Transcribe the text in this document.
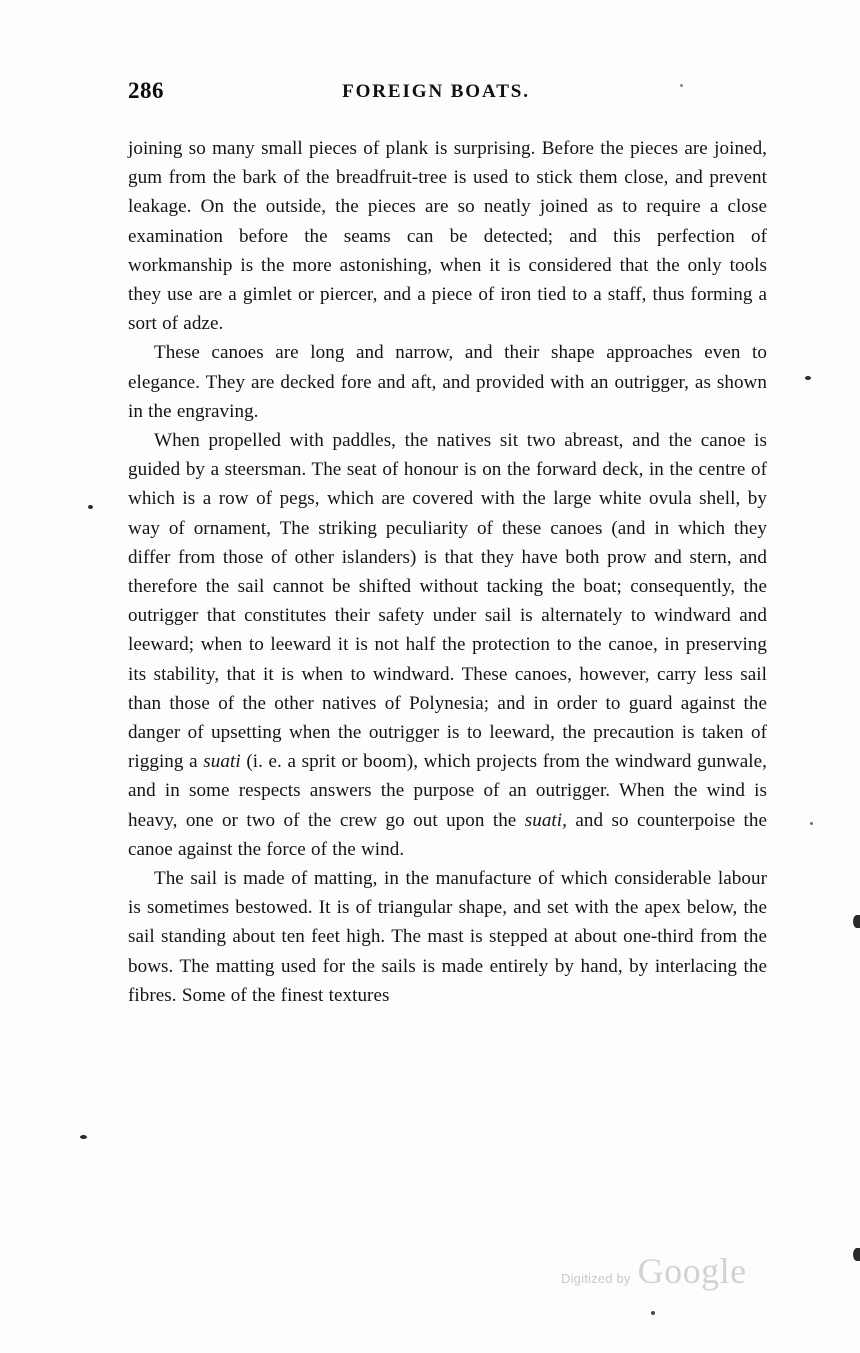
286	FOREIGN BOATS.

joining so many small pieces of plank is surprising. Before the pieces are joined, gum from the bark of the breadfruit-tree is used to stick them close, and prevent leakage. On the outside, the pieces are so neatly joined as to require a close examination before the seams can be detected; and this perfection of workmanship is the more astonishing, when it is considered that the only tools they use are a gimlet or piercer, and a piece of iron tied to a staff, thus forming a sort of adze.

These canoes are long and narrow, and their shape approaches even to elegance. They are decked fore and aft, and provided with an outrigger, as shown in the engraving.

When propelled with paddles, the natives sit two abreast, and the canoe is guided by a steersman. The seat of honour is on the forward deck, in the centre of which is a row of pegs, which are covered with the large white ovula shell, by way of ornament, The striking peculiarity of these canoes (and in which they differ from those of other islanders) is that they have both prow and stern, and therefore the sail cannot be shifted without tacking the boat; consequently, the outrigger that constitutes their safety under sail is alternately to windward and leeward; when to leeward it is not half the protection to the canoe, in preserving its stability, that it is when to windward. These canoes, however, carry less sail than those of the other natives of Polynesia; and in order to guard against the danger of upsetting when the outrigger is to leeward, the precaution is taken of rigging a suati (i. e. a sprit or boom), which projects from the windward gunwale, and in some respects answers the purpose of an outrigger. When the wind is heavy, one or two of the crew go out upon the suati, and so counterpoise the canoe against the force of the wind.

The sail is made of matting, in the manufacture of which considerable labour is sometimes bestowed. It is of triangular shape, and set with the apex below, the sail standing about ten feet high. The mast is stepped at about one-third from the bows. The matting used for the sails is made entirely by hand, by interlacing the fibres. Some of the finest textures

Digitized by Google
